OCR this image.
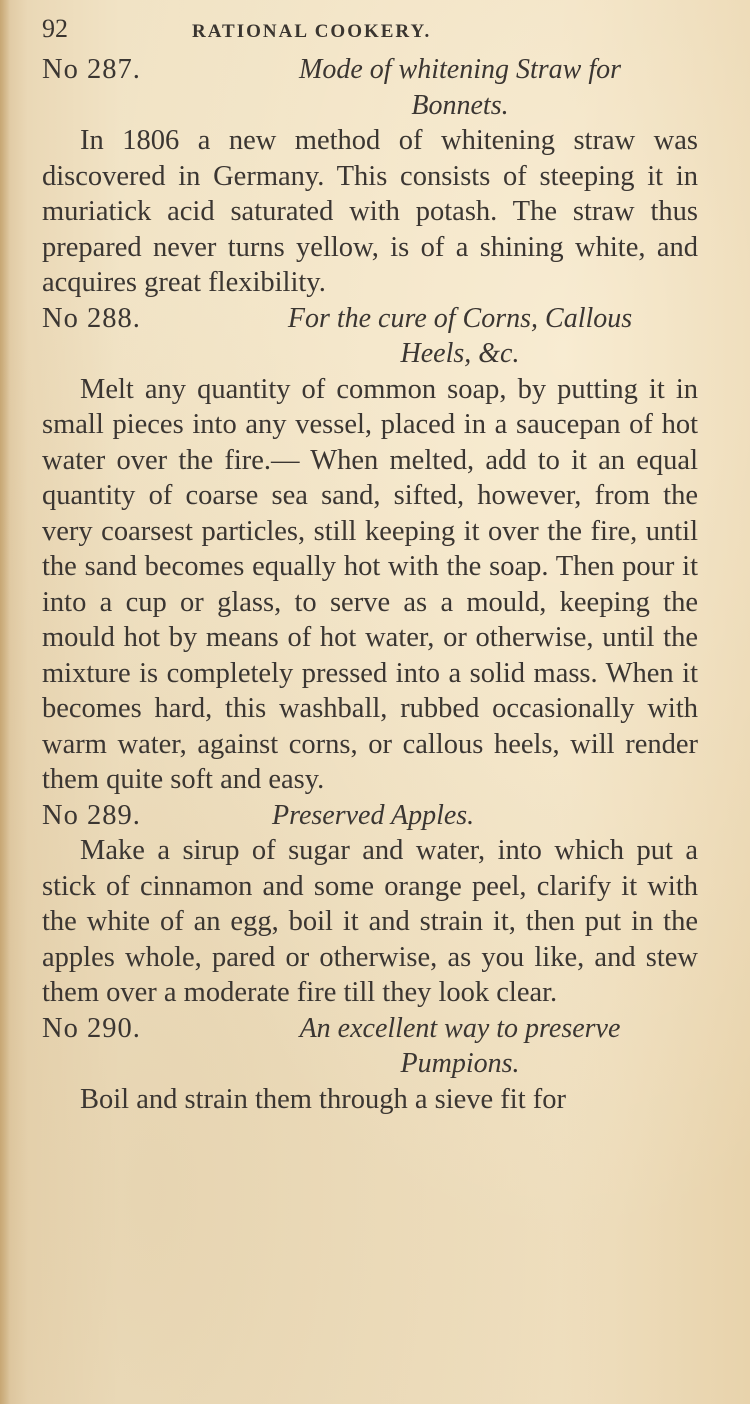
92	RATIONAL COOKERY.
No 287.	Mode of whitening Straw for

Bonnets.

In 1806 a new method of whitening straw was discovered in Germany. This consists of steeping it in muriatick acid saturated with potash. The straw thus prepared never turns yellow, is of a shining white, and acquires great flexibility.

No 288.	For the cure of Corns, Callous

Heels, &c.

Melt any quantity of common soap, by putting it in small pieces into any vessel, placed in a saucepan of hot water over the fire.— When melted, add to it an equal quantity of coarse sea sand, sifted, however, from the very coarsest particles, still keeping it over the fire, until the sand becomes equally hot with the soap. Then pour it into a cup or glass, to serve as a mould, keeping the mould hot by means of hot water, or otherwise, until the mixture is completely pressed into a solid mass. When it becomes hard, this washball, rubbed occasionally with warm water, against corns, or callous heels, will render them quite soft and easy.

No 289.	Preserved Apples.

Make a sirup of sugar and water, into which put a stick of cinnamon and some orange peel, clarify it with the white of an egg, boil it and strain it, then put in the apples whole, pared or otherwise, as you like, and stew them over a moderate fire till they look clear.

No 290.	An excellent way to preserve

Pumpions.

Boil and strain them through a sieve fit for
